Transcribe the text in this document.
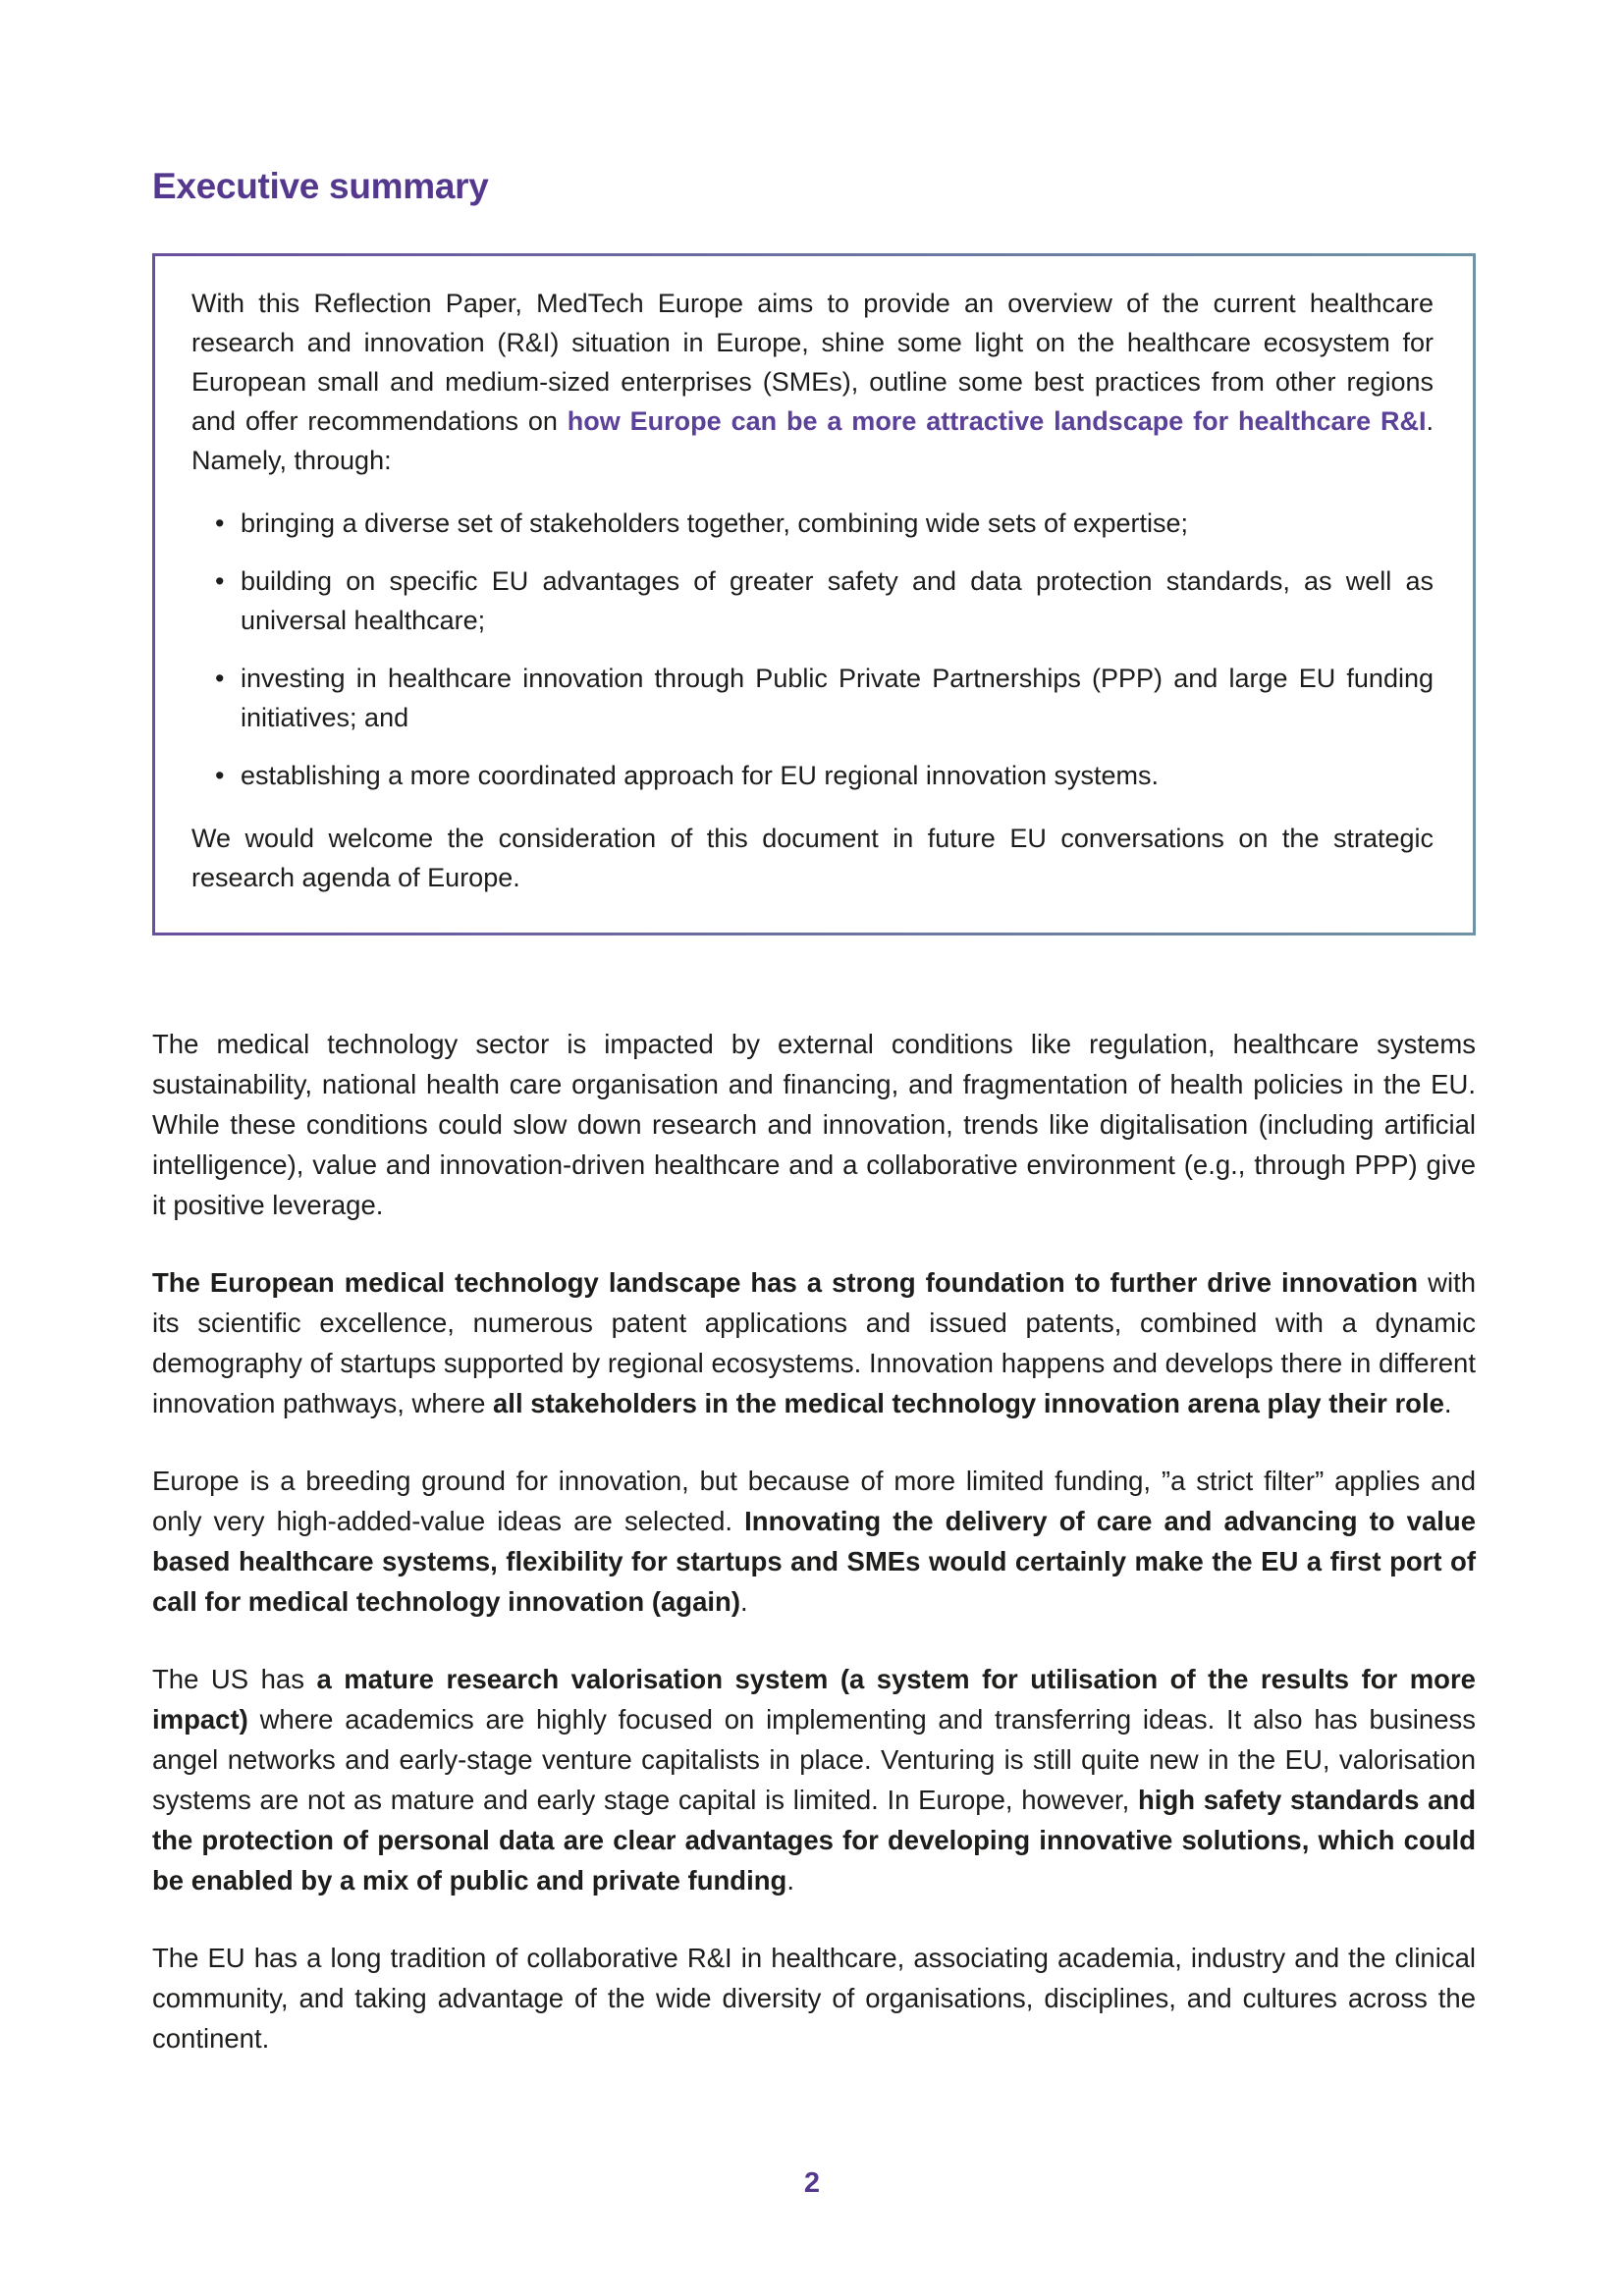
Executive summary

With this Reflection Paper, MedTech Europe aims to provide an overview of the current healthcare research and innovation (R&I) situation in Europe, shine some light on the healthcare ecosystem for European small and medium-sized enterprises (SMEs), outline some best practices from other regions and offer recommendations on how Europe can be a more attractive landscape for healthcare R&I. Namely, through:

• bringing a diverse set of stakeholders together, combining wide sets of expertise;
• building on specific EU advantages of greater safety and data protection standards, as well as universal healthcare;
• investing in healthcare innovation through Public Private Partnerships (PPP) and large EU funding initiatives; and
• establishing a more coordinated approach for EU regional innovation systems.

We would welcome the consideration of this document in future EU conversations on the strategic research agenda of Europe.

The medical technology sector is impacted by external conditions like regulation, healthcare systems sustainability, national health care organisation and financing, and fragmentation of health policies in the EU. While these conditions could slow down research and innovation, trends like digitalisation (including artificial intelligence), value and innovation-driven healthcare and a collaborative environment (e.g., through PPP) give it positive leverage.

The European medical technology landscape has a strong foundation to further drive innovation with its scientific excellence, numerous patent applications and issued patents, combined with a dynamic demography of startups supported by regional ecosystems. Innovation happens and develops there in different innovation pathways, where all stakeholders in the medical technology innovation arena play their role.

Europe is a breeding ground for innovation, but because of more limited funding, ”a strict filter” applies and only very high-added-value ideas are selected. Innovating the delivery of care and advancing to value based healthcare systems, flexibility for startups and SMEs would certainly make the EU a first port of call for medical technology innovation (again).

The US has a mature research valorisation system (a system for utilisation of the results for more impact) where academics are highly focused on implementing and transferring ideas. It also has business angel networks and early-stage venture capitalists in place. Venturing is still quite new in the EU, valorisation systems are not as mature and early stage capital is limited. In Europe, however, high safety standards and the protection of personal data are clear advantages for developing innovative solutions, which could be enabled by a mix of public and private funding.

The EU has a long tradition of collaborative R&I in healthcare, associating academia, industry and the clinical community, and taking advantage of the wide diversity of organisations, disciplines, and cultures across the continent.

2
